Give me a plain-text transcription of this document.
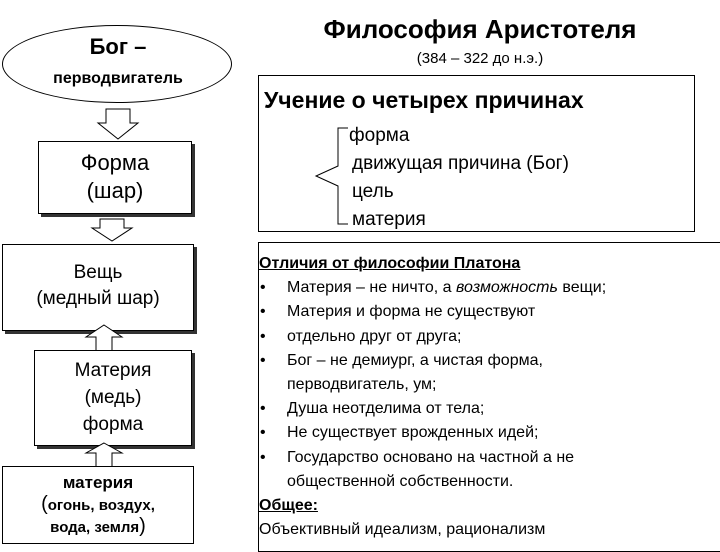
Бог –
перводвигатель
Форма
(шар)
Вещь
(медный шар)
Материя
(медь)
форма
материя
(огонь, воздух,
вода, земля)
Философия Аристотеля
(384 – 322 до н.э.)
Учение о четырех причинах
форма
движущая причина (Бог)
цель
материя
Отличия от философии Платона
• Материя – не ничто, а возможность вещи;
• Материя и форма не существуют
• отдельно друг от друга;
• Бог – не демиург, а чистая форма,
перводвигатель, ум;
• Душа неотделима от тела;
• Не существует врожденных идей;
• Государство основано на частной а не
общественной собственности.
Общее:
Объективный идеализм, рационализм
